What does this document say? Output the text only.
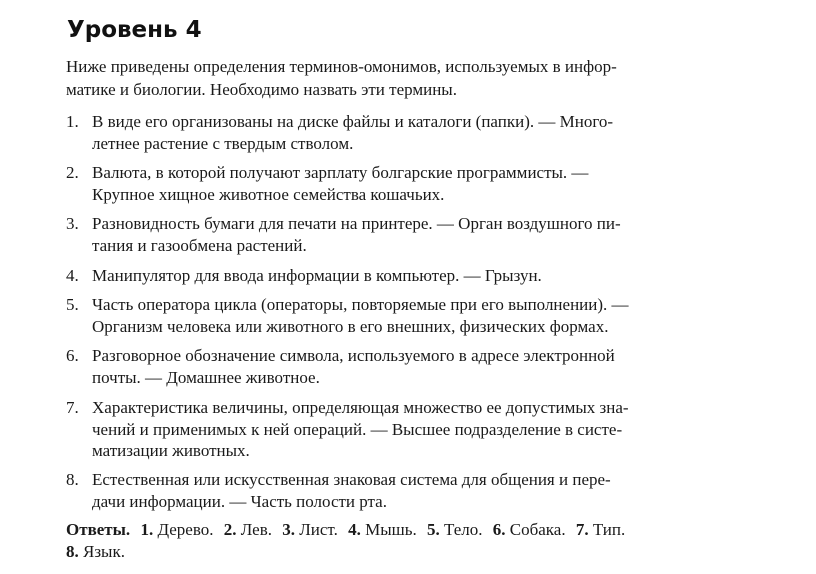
Уровень 4
Ниже приведены определения терминов-омонимов, используемых в инфор-
матике и биологии. Необходимо назвать эти термины.
1. В виде его организованы на диске файлы и каталоги (папки). — Много-
летнее растение с твердым стволом.
2. Валюта, в которой получают зарплату болгарские программисты. —
Крупное хищное животное семейства кошачьих.
3. Разновидность бумаги для печати на принтере. — Орган воздушного пи-
тания и газообмена растений.
4. Манипулятор для ввода информации в компьютер. — Грызун.
5. Часть оператора цикла (операторы, повторяемые при его выполнении). —
Организм человека или животного в его внешних, физических формах.
6. Разговорное обозначение символа, используемого в адресе электронной
почты. — Домашнее животное.
7. Характеристика величины, определяющая множество ее допустимых зна-
чений и применимых к ней операций. — Высшее подразделение в систе-
матизации животных.
8. Естественная или искусственная знаковая система для общения и пере-
дачи информации. — Часть полости рта.
Ответы. 1. Дерево. 2. Лев. 3. Лист. 4. Мышь. 5. Тело. 6. Собака. 7. Тип.
8. Язык.
